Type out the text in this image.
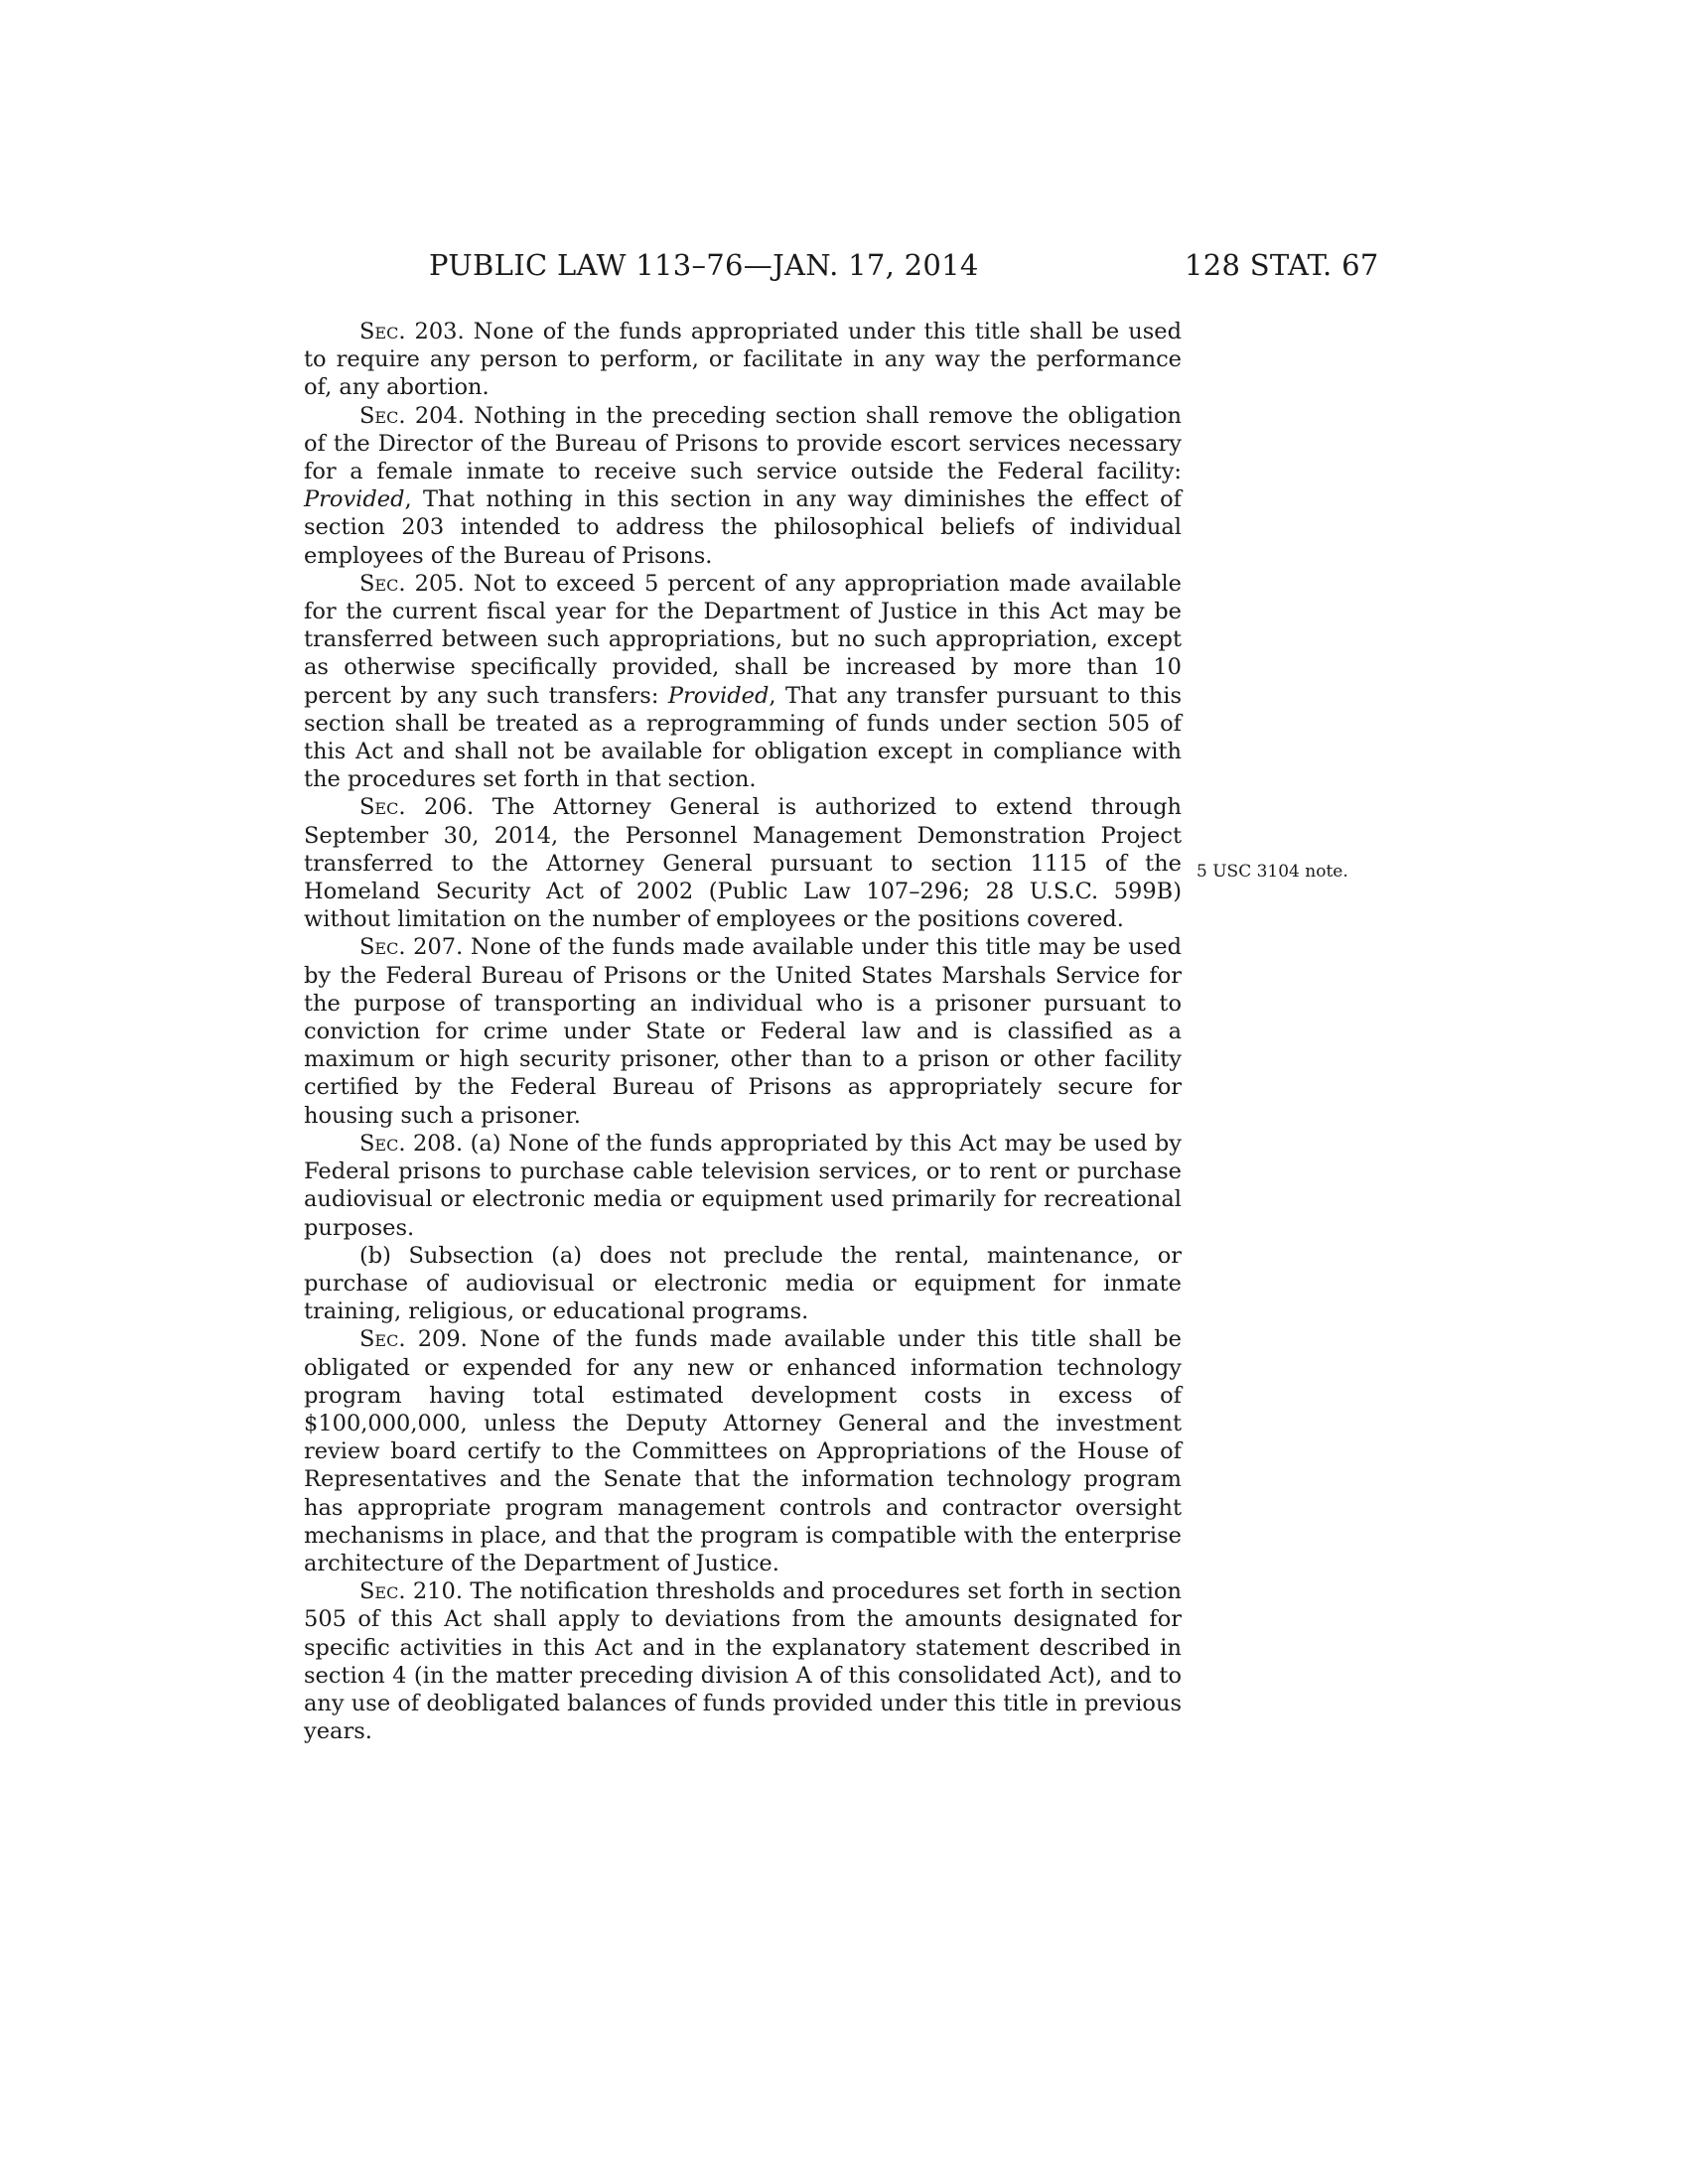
PUBLIC LAW 113–76—JAN. 17, 2014	128 STAT. 67
5 USC 3104 note.

Sec. 203. None of the funds appropriated under this title shall be used to require any person to perform, or facilitate in any way the performance of, any abortion.

Sec. 204. Nothing in the preceding section shall remove the obligation of the Director of the Bureau of Prisons to provide escort services necessary for a female inmate to receive such service outside the Federal facility: Provided, That nothing in this section in any way diminishes the effect of section 203 intended to address the philosophical beliefs of individual employees of the Bureau of Prisons.

Sec. 205. Not to exceed 5 percent of any appropriation made available for the current fiscal year for the Department of Justice in this Act may be transferred between such appropriations, but no such appropriation, except as otherwise specifically provided, shall be increased by more than 10 percent by any such transfers: Provided, That any transfer pursuant to this section shall be treated as a reprogramming of funds under section 505 of this Act and shall not be available for obligation except in compliance with the procedures set forth in that section.

Sec. 206. The Attorney General is authorized to extend through September 30, 2014, the Personnel Management Demonstration Project transferred to the Attorney General pursuant to section 1115 of the Homeland Security Act of 2002 (Public Law 107–296; 28 U.S.C. 599B) without limitation on the number of employees or the positions covered.

Sec. 207. None of the funds made available under this title may be used by the Federal Bureau of Prisons or the United States Marshals Service for the purpose of transporting an individual who is a prisoner pursuant to conviction for crime under State or Federal law and is classified as a maximum or high security prisoner, other than to a prison or other facility certified by the Federal Bureau of Prisons as appropriately secure for housing such a prisoner.

Sec. 208. (a) None of the funds appropriated by this Act may be used by Federal prisons to purchase cable television services, or to rent or purchase audiovisual or electronic media or equipment used primarily for recreational purposes.

(b) Subsection (a) does not preclude the rental, maintenance, or purchase of audiovisual or electronic media or equipment for inmate training, religious, or educational programs.

Sec. 209. None of the funds made available under this title shall be obligated or expended for any new or enhanced information technology program having total estimated development costs in excess of $100,000,000, unless the Deputy Attorney General and the investment review board certify to the Committees on Appropriations of the House of Representatives and the Senate that the information technology program has appropriate program management controls and contractor oversight mechanisms in place, and that the program is compatible with the enterprise architecture of the Department of Justice.

Sec. 210. The notification thresholds and procedures set forth in section 505 of this Act shall apply to deviations from the amounts designated for specific activities in this Act and in the explanatory statement described in section 4 (in the matter preceding division A of this consolidated Act), and to any use of deobligated balances of funds provided under this title in previous years.
